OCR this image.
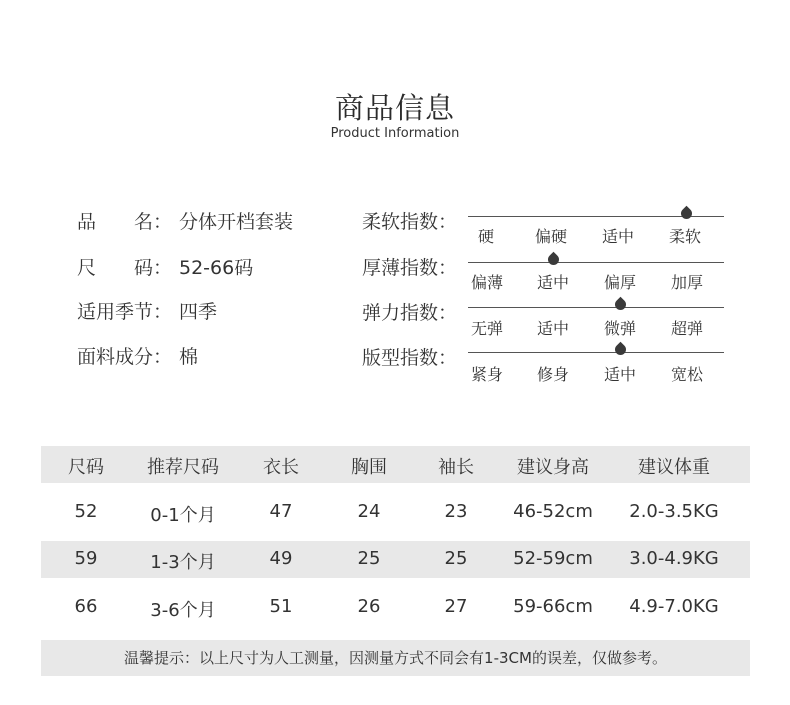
商品信息
Product Information
品　　名： 分体开档套装
尺　　码： 52-66码
适用季节： 四季
面料成分： 棉
柔软指数：
硬	偏硬 适中 柔软
厚薄指数：
偏薄 适中 偏厚 加厚
弹力指数：
无弹 适中 微弹 超弹
版型指数：
紧身 修身 适中 宽松
尺码 推荐尺码 衣长	胸围	袖长 建议身高	建议体重
52	0-1个月	47	24	23	46-52cm 2.0-3.5KG
59	1-3个月	49	25	25	52-59cm 3.0-4.9KG
66	3-6个月	51	26	27	59-66cm 4.9-7.0KG
温馨提示：以上尺寸为人工测量，因测量方式不同会有1-3CM的误差，仅做参考。
